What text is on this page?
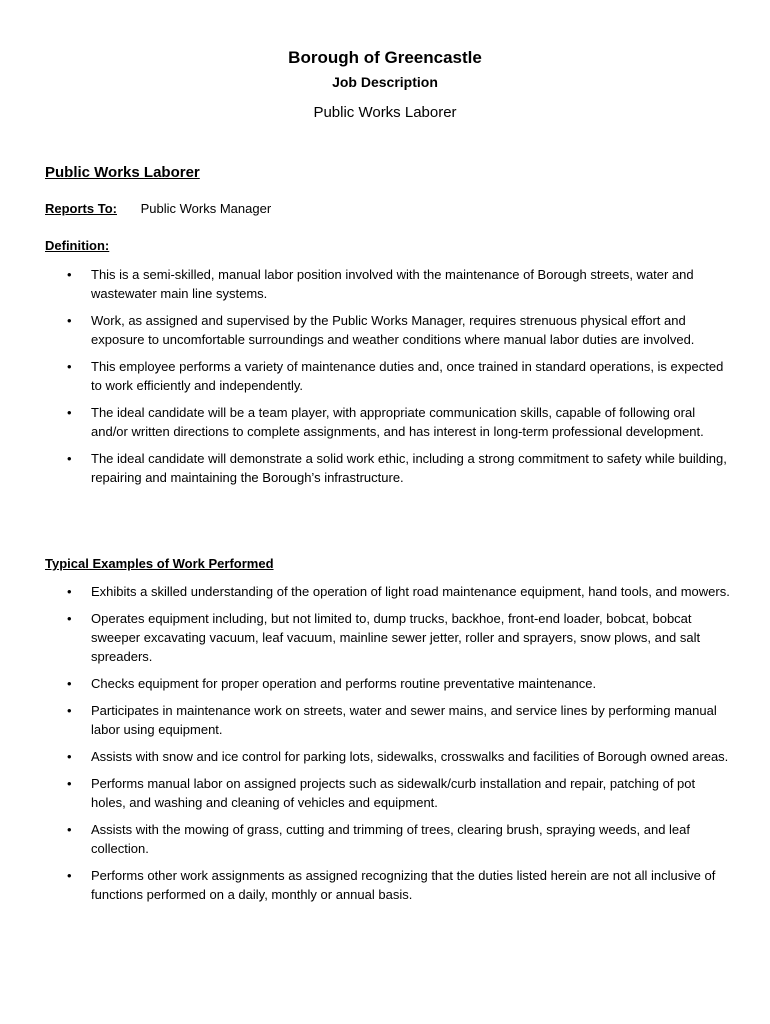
Borough of Greencastle
Job Description
Public Works Laborer
Public Works Laborer
Reports To: Public Works Manager
Definition:
• This is a semi-skilled, manual labor position involved with the maintenance of Borough streets, water and wastewater main line systems.
• Work, as assigned and supervised by the Public Works Manager, requires strenuous physical effort and exposure to uncomfortable surroundings and weather conditions where manual labor duties are involved.
• This employee performs a variety of maintenance duties and, once trained in standard operations, is expected to work efficiently and independently.
• The ideal candidate will be a team player, with appropriate communication skills, capable of following oral and/or written directions to complete assignments, and has interest in long-term professional development.
• The ideal candidate will demonstrate a solid work ethic, including a strong commitment to safety while building, repairing and maintaining the Borough’s infrastructure.
Typical Examples of Work Performed
• Exhibits a skilled understanding of the operation of light road maintenance equipment, hand tools, and mowers.
• Operates equipment including, but not limited to, dump trucks, backhoe, front-end loader, bobcat, bobcat sweeper excavating vacuum, leaf vacuum, mainline sewer jetter, roller and sprayers, snow plows, and salt spreaders.
• Checks equipment for proper operation and performs routine preventative maintenance.
• Participates in maintenance work on streets, water and sewer mains, and service lines by performing manual labor using equipment.
• Assists with snow and ice control for parking lots, sidewalks, crosswalks and facilities of Borough owned areas.
• Performs manual labor on assigned projects such as sidewalk/curb installation and repair, patching of pot holes, and washing and cleaning of vehicles and equipment.
• Assists with the mowing of grass, cutting and trimming of trees, clearing brush, spraying weeds, and leaf collection.
• Performs other work assignments as assigned recognizing that the duties listed herein are not all inclusive of functions performed on a daily, monthly or annual basis.
